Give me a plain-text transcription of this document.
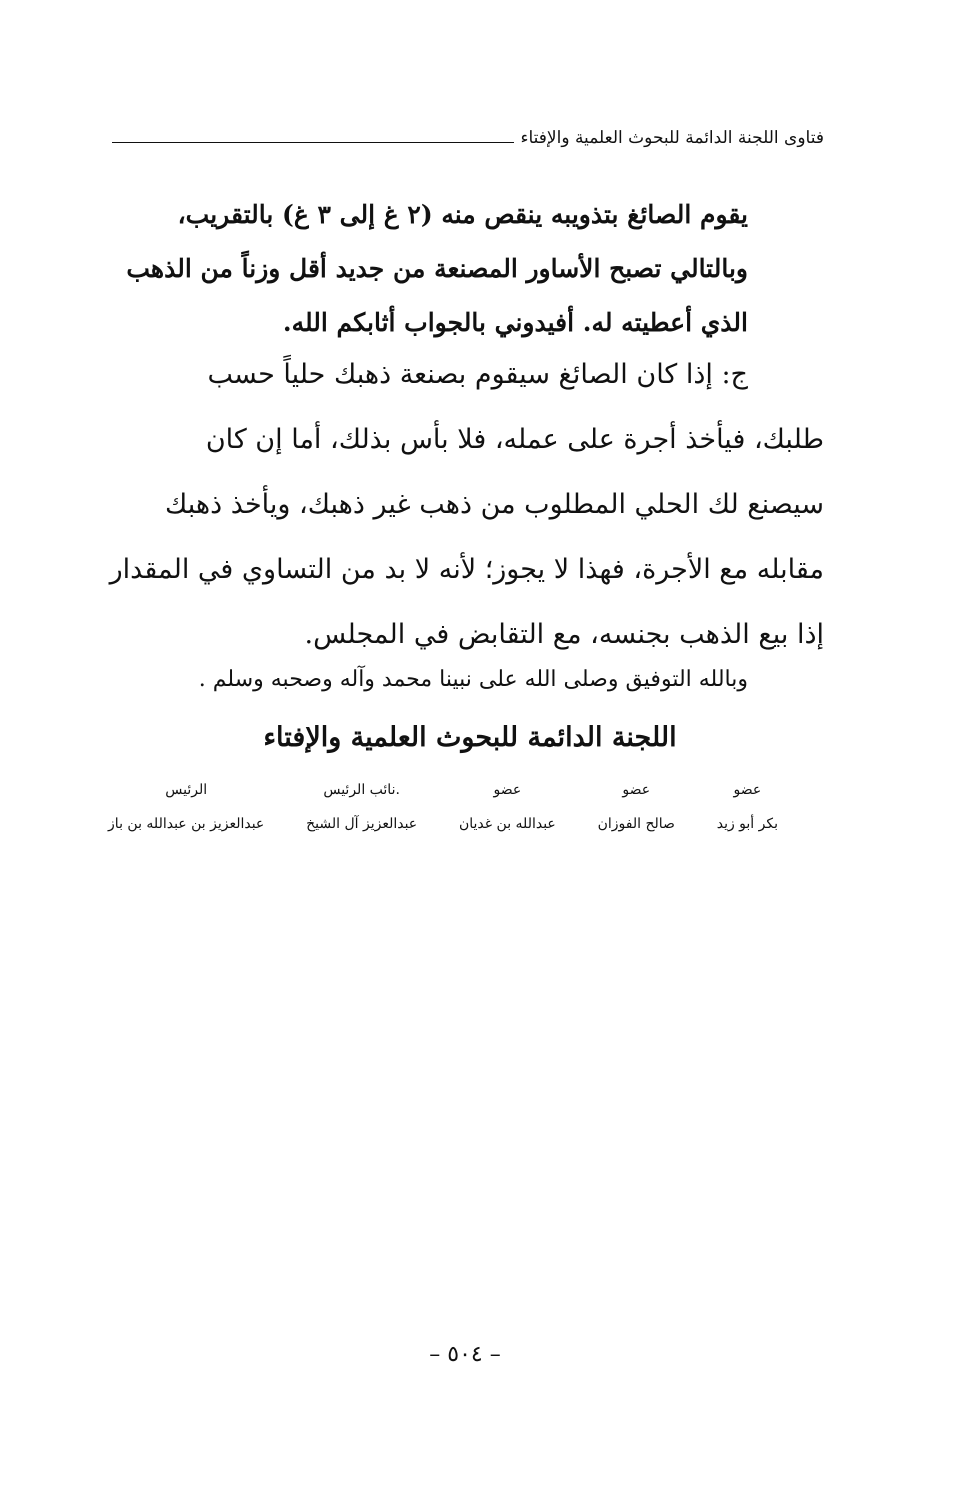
فتاوى اللجنة الدائمة للبحوث العلمية والإفتاء

يقوم الصائغ بتذويبه ينقص منه (٢ غ إلى ٣ غ) بالتقريب،

وبالتالي تصبح الأساور المصنعة من جديد أقل وزناً من الذهب

الذي أعطيته له. أفيدوني بالجواب أثابكم الله.

ج: إذا كان الصائغ سيقوم بصنعة ذهبك حلياً حسب

طلبك، فيأخذ أجرة على عمله، فلا بأس بذلك، أما إن كان

سيصنع لك الحلي المطلوب من ذهب غير ذهبك، ويأخذ ذهبك

مقابله مع الأجرة، فهذا لا يجوز؛ لأنه لا بد من التساوي في المقدار

إذا بيع الذهب بجنسه، مع التقابض في المجلس.

وبالله التوفيق وصلى الله على نبينا محمد وآله وصحبه وسلم .
اللجنة الدائمة للبحوث العلمية والإفتاء
عضو
بكر أبو زيد
عضو
صالح الفوزان
عضو
عبدالله بن غديان
.نائب الرئيس
عبدالعزيز آل الشيخ
الرئيس
عبدالعزيز بن عبدالله بن باز
– ٥٠٤ –
